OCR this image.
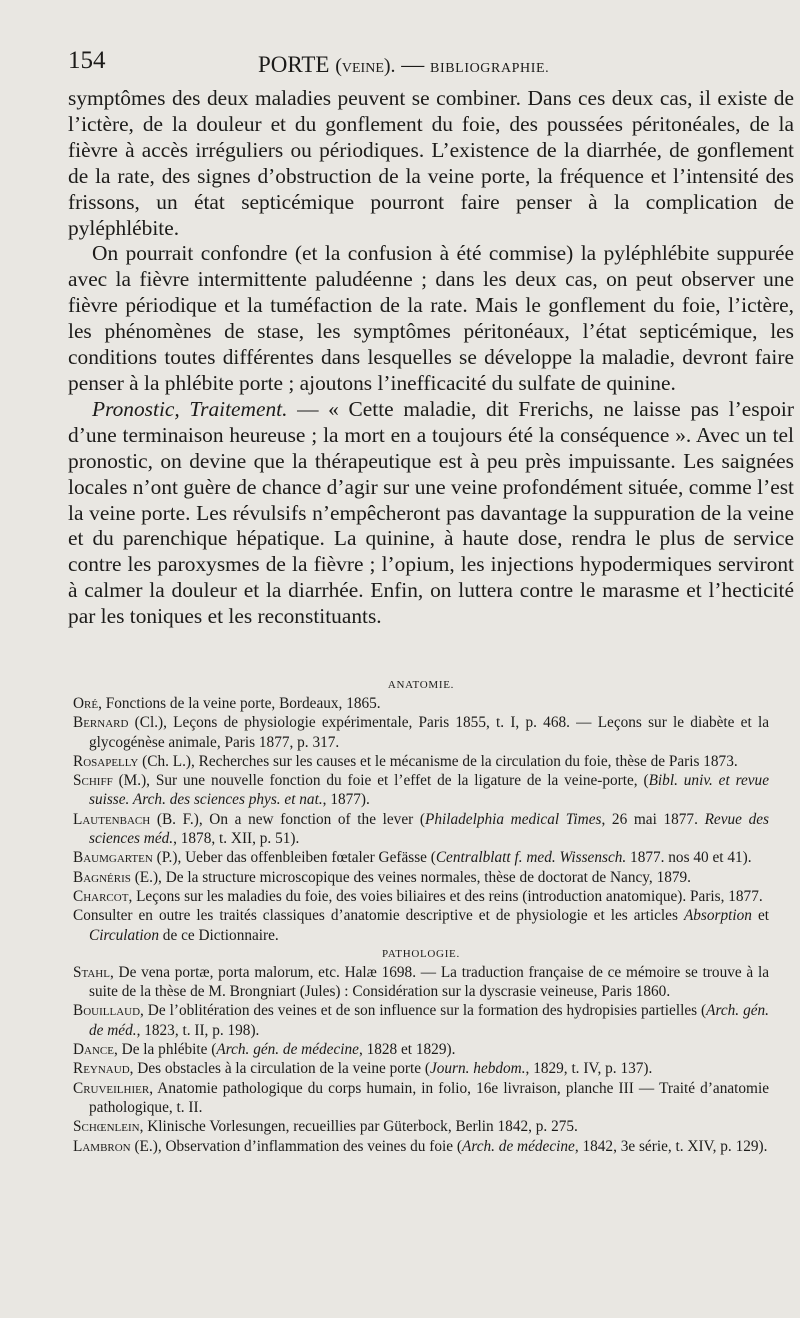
154	PORTE (veine). — BIBLIOGRAPHIE.

symptômes des deux maladies peuvent se combiner. Dans ces deux cas, il existe de l’ictère, de la douleur et du gonflement du foie, des poussées péritonéales, de la fièvre à accès irréguliers ou périodiques. L’existence de la diarrhée, de gonflement de la rate, des signes d’obstruction de la veine porte, la fréquence et l’intensité des frissons, un état septicémique pourront faire penser à la complication de pyléphlébite.

On pourrait confondre (et la confusion à été commise) la pyléphlébite suppurée avec la fièvre intermittente paludéenne ; dans les deux cas, on peut observer une fièvre périodique et la tuméfaction de la rate. Mais le gonflement du foie, l’ictère, les phénomènes de stase, les symptômes péritonéaux, l’état septicémique, les conditions toutes différentes dans lesquelles se développe la maladie, devront faire penser à la phlébite porte ; ajoutons l’inefficacité du sulfate de quinine.

Pronostic, Traitement. — « Cette maladie, dit Frerichs, ne laisse pas l’espoir d’une terminaison heureuse ; la mort en a toujours été la conséquence ». Avec un tel pronostic, on devine que la thérapeutique est à peu près impuissante. Les saignées locales n’ont guère de chance d’agir sur une veine profondément située, comme l’est la veine porte. Les révulsifs n’empêcheront pas davantage la suppuration de la veine et du parenchique hépatique. La quinine, à haute dose, rendra le plus de service contre les paroxysmes de la fièvre ; l’opium, les injections hypodermiques serviront à calmer la douleur et la diarrhée. Enfin, on luttera contre le marasme et l’hecticité par les toniques et les reconstituants.

ANATOMIE.

Oré, Fonctions de la veine porte, Bordeaux, 1865.

Bernard (Cl.), Leçons de physiologie expérimentale, Paris 1855, t. I, p. 468. — Leçons sur le diabète et la glycogénèse animale, Paris 1877, p. 317.

Rosapelly (Ch. L.), Recherches sur les causes et le mécanisme de la circulation du foie, thèse de Paris 1873.

Schiff (M.), Sur une nouvelle fonction du foie et l’effet de la ligature de la veine-porte, (Bibl. univ. et revue suisse. Arch. des sciences phys. et nat., 1877).

Lautenbach (B. F.), On a new fonction of the lever (Philadelphia medical Times, 26 mai 1877. Revue des sciences méd., 1878, t. XII, p. 51).

Baumgarten (P.), Ueber das offenbleiben fœtaler Gefässe (Centralblatt f. med. Wissensch. 1877. nos 40 et 41).

Bagnéris (E.), De la structure microscopique des veines normales, thèse de doctorat de Nancy, 1879.

Charcot, Leçons sur les maladies du foie, des voies biliaires et des reins (introduction anatomique). Paris, 1877.

Consulter en outre les traités classiques d’anatomie descriptive et de physiologie et les articles Absorption et Circulation de ce Dictionnaire.

PATHOLOGIE.

Stahl, De vena portæ, porta malorum, etc. Halæ 1698. — La traduction française de ce mémoire se trouve à la suite de la thèse de M. Brongniart (Jules) : Considération sur la dyscrasie veineuse, Paris 1860.

Bouillaud, De l’oblitération des veines et de son influence sur la formation des hydropisies partielles (Arch. gén. de méd., 1823, t. II, p. 198).

Dance, De la phlébite (Arch. gén. de médecine, 1828 et 1829).

Reynaud, Des obstacles à la circulation de la veine porte (Journ. hebdom., 1829, t. IV, p. 137).

Cruveilhier, Anatomie pathologique du corps humain, in folio, 16e livraison, planche III — Traité d’anatomie pathologique, t. II.

Schœnlein, Klinische Vorlesungen, recueillies par Güterbock, Berlin 1842, p. 275.

Lambron (E.), Observation d’inflammation des veines du foie (Arch. de médecine, 1842, 3e série, t. XIV, p. 129).
